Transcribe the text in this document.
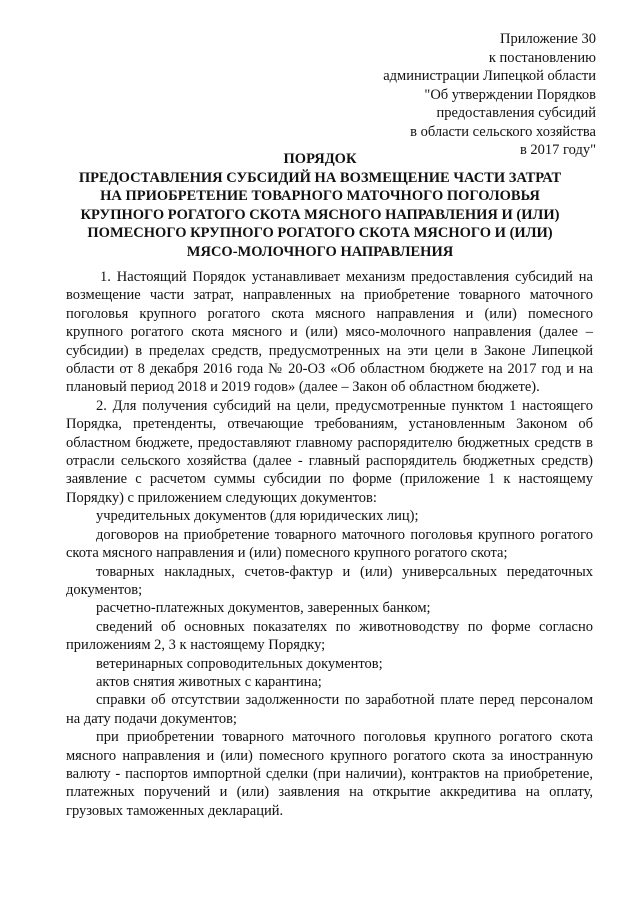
Приложение 30
к постановлению
администрации Липецкой области
"Об утверждении Порядков
предоставления субсидий
в области сельского хозяйства
в 2017 году"
ПОРЯДОК
ПРЕДОСТАВЛЕНИЯ СУБСИДИЙ НА ВОЗМЕЩЕНИЕ ЧАСТИ ЗАТРАТ
НА ПРИОБРЕТЕНИЕ ТОВАРНОГО МАТОЧНОГО ПОГОЛОВЬЯ
КРУПНОГО РОГАТОГО СКОТА МЯСНОГО НАПРАВЛЕНИЯ И (ИЛИ)
ПОМЕСНОГО КРУПНОГО РОГАТОГО СКОТА МЯСНОГО И (ИЛИ)
МЯСО-МОЛОЧНОГО НАПРАВЛЕНИЯ

1. Настоящий Порядок устанавливает механизм предоставления субсидий на возмещение части затрат, направленных на приобретение товарного маточного поголовья крупного рогатого скота мясного направления и (или) помесного крупного рогатого скота мясного и (или) мясо-молочного направления (далее – субсидии) в пределах средств, предусмотренных на эти цели в Законе Липецкой области от 8 декабря 2016 года № 20-ОЗ «Об областном бюджете на 2017 год и на плановый период 2018 и 2019 годов» (далее – Закон об областном бюджете).

2. Для получения субсидий на цели, предусмотренные пунктом 1 настоящего Порядка, претенденты, отвечающие требованиям, установленным Законом об областном бюджете, предоставляют главному распорядителю бюджетных средств в отрасли сельского хозяйства (далее - главный распорядитель бюджетных средств) заявление с расчетом суммы субсидии по форме (приложение 1 к настоящему Порядку) с приложением следующих документов:

учредительных документов (для юридических лиц);

договоров на приобретение товарного маточного поголовья крупного рогатого скота мясного направления и (или) помесного крупного рогатого скота;

товарных накладных, счетов-фактур и (или) универсальных передаточных документов;

расчетно-платежных документов, заверенных банком;

сведений об основных показателях по животноводству по форме согласно приложениям 2, 3 к настоящему Порядку;

ветеринарных сопроводительных документов;

актов снятия животных с карантина;

справки об отсутствии задолженности по заработной плате перед персоналом на дату подачи документов;

при приобретении товарного маточного поголовья крупного рогатого скота мясного направления и (или) помесного крупного рогатого скота за иностранную валюту - паспортов импортной сделки (при наличии), контрактов на приобретение, платежных поручений и (или) заявления на открытие аккредитива на оплату, грузовых таможенных деклараций.
